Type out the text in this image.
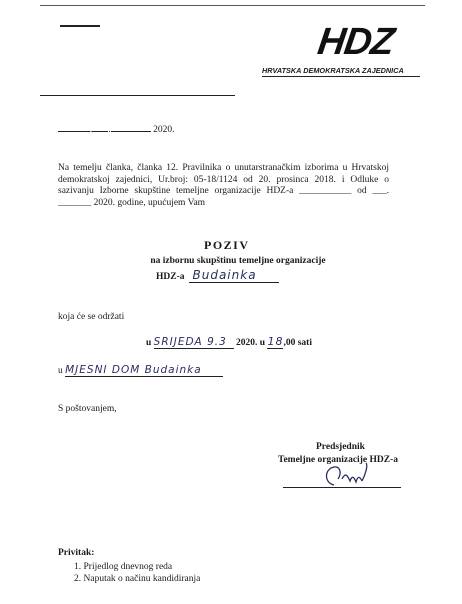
HDZ
HRVATSKA DEMOKRATSKA ZAJEDNICA
. .	2020.
Na temelju članka, članka 12. Pravilnika o unutarstranačkim izborima u Hrvatskoj demokratskoj zajednici, Ur.broj: 05-18/1124 od 20. prosinca 2018. i Odluke o sazivanju Izborne skupštine temeljne organizacije HDZ-a ___________ od ___. _______ 2020. godine, upućujem Vam
POZIV
na izbornu skupštinu temeljne organizacije
HDZ-a Budainka
koja će se održati
u SRIJEDA 9.3 2020. u 18,00 sati
u MJESNI DOM Budainka
S poštovanjem,
Predsjednik
Temeljne organizacije HDZ-a
Privitak:
1. Prijedlog dnevnog reda
2. Naputak o načinu kandidiranja
